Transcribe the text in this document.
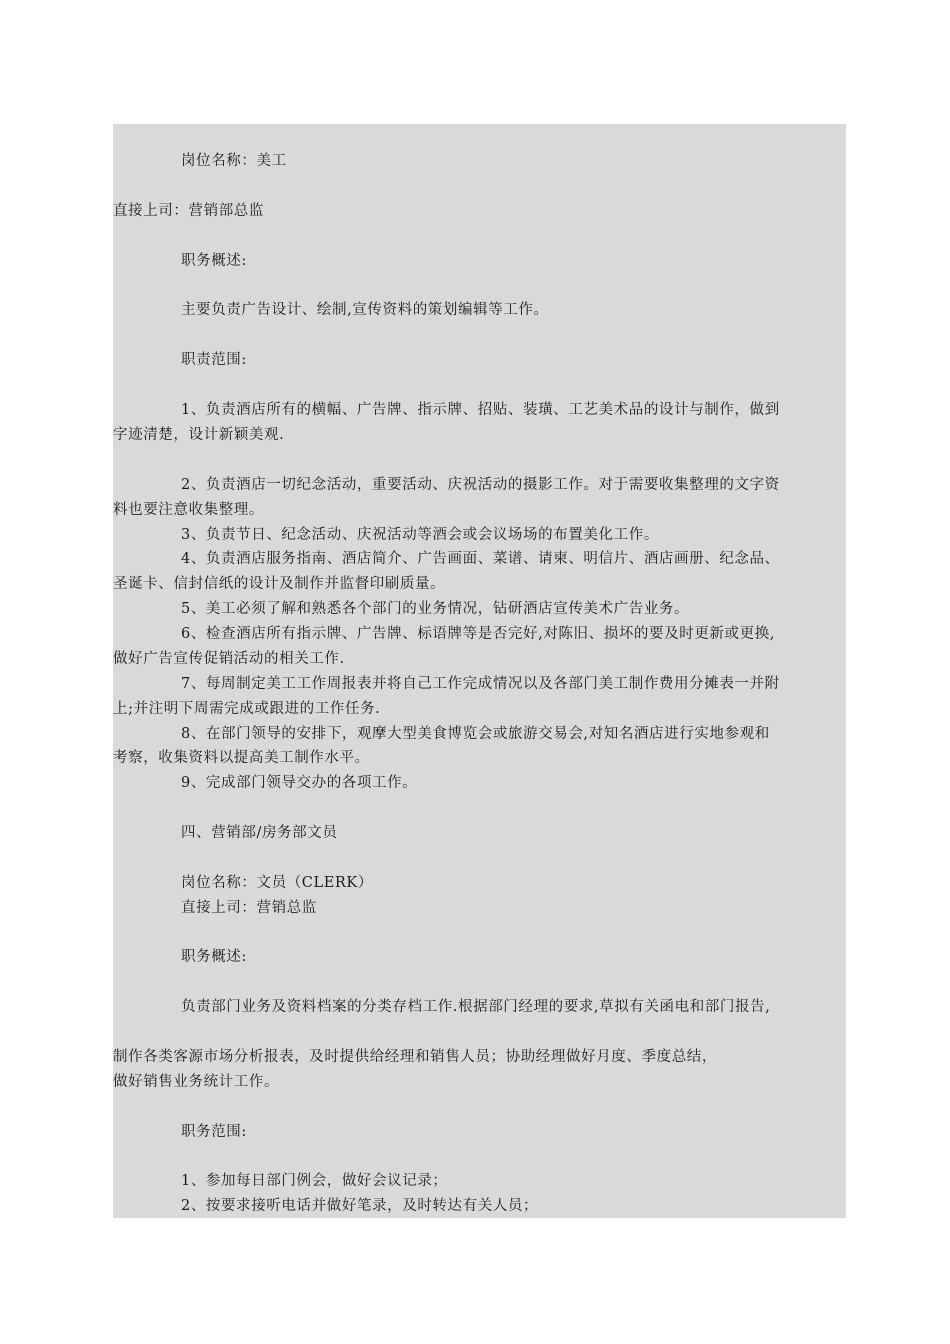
岗位名称：美工
直接上司：营销部总监
职务概述:
主要负责广告设计、绘制,宣传资料的策划编辑等工作。
职责范围:
1、负责酒店所有的横幅、广告牌、指示牌、招贴、装璜、工艺美术品的设计与制作，做到
字迹清楚，设计新颖美观.
2、负责酒店一切纪念活动，重要活动、庆祝活动的摄影工作。对于需要收集整理的文字资
料也要注意收集整理。
3、负责节日、纪念活动、庆祝活动等酒会或会议场场的布置美化工作。
4、负责酒店服务指南、酒店简介、广告画面、菜谱、请柬、明信片、酒店画册、纪念品、
圣诞卡、信封信纸的设计及制作并监督印刷质量。
5、美工必须了解和熟悉各个部门的业务情况，钻研酒店宣传美术广告业务。
6、检查酒店所有指示牌、广告牌、标语牌等是否完好,对陈旧、损坏的要及时更新或更换,
做好广告宣传促销活动的相关工作.
7、每周制定美工工作周报表并将自己工作完成情况以及各部门美工制作费用分摊表一并附
上;并注明下周需完成或跟进的工作任务.
8、在部门领导的安排下，观摩大型美食博览会或旅游交易会,对知名酒店进行实地参观和
考察，收集资料以提高美工制作水平。
9、完成部门领导交办的各项工作。
四、营销部/房务部文员
岗位名称：文员（CLERK）
直接上司：营销总监
职务概述:
负责部门业务及资料档案的分类存档工作.根据部门经理的要求,草拟有关函电和部门报告,
制作各类客源市场分析报表，及时提供给经理和销售人员；协助经理做好月度、季度总结，
做好销售业务统计工作。
职务范围:
1、参加每日部门例会，做好会议记录；
2、按要求接听电话并做好笔录，及时转达有关人员；
